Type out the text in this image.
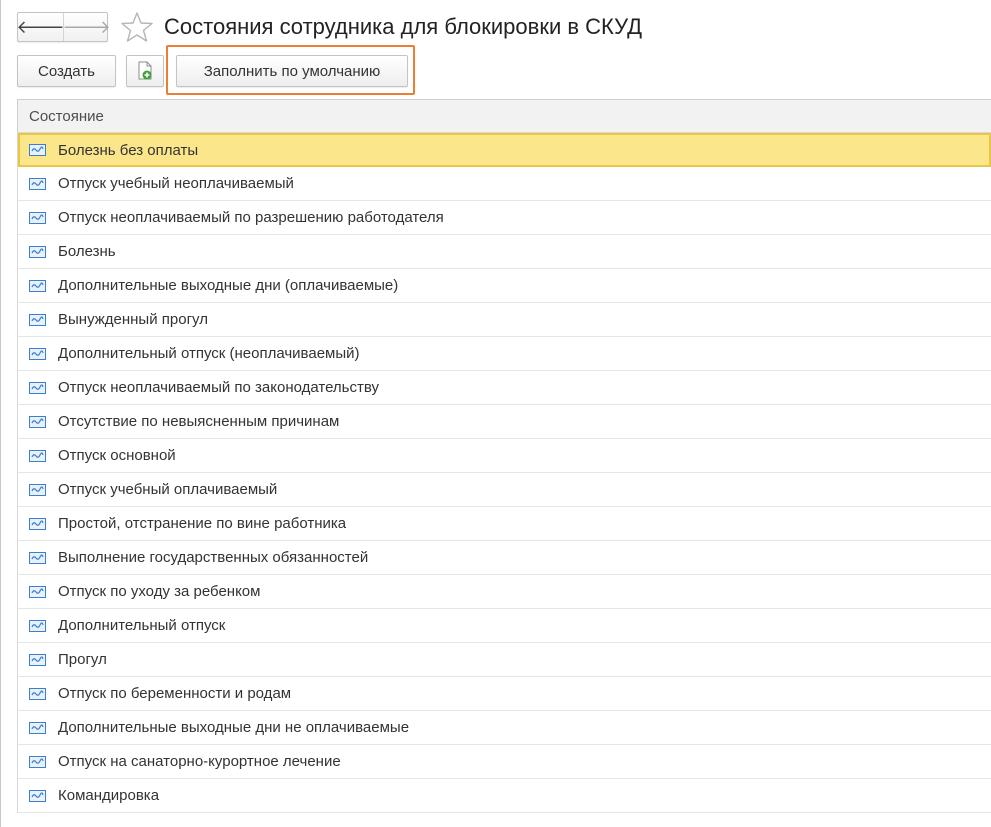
🡐
🡒 Состояния сотрудника для блокировки в СКУД
Создать	Заполнить по умолчанию
Состояние
Болезнь без оплаты
Отпуск учебный неоплачиваемый
Отпуск неоплачиваемый по разрешению работодателя
Болезнь
Дополнительные выходные дни (оплачиваемые)
Вынужденный прогул
Дополнительный отпуск (неоплачиваемый)
Отпуск неоплачиваемый по законодательству
Отсутствие по невыясненным причинам
Отпуск основной
Отпуск учебный оплачиваемый
Простой, отстранение по вине работника
Выполнение государственных обязанностей
Отпуск по уходу за ребенком
Дополнительный отпуск
Прогул
Отпуск по беременности и родам
Дополнительные выходные дни не оплачиваемые
Отпуск на санаторно-курортное лечение
Командировка
